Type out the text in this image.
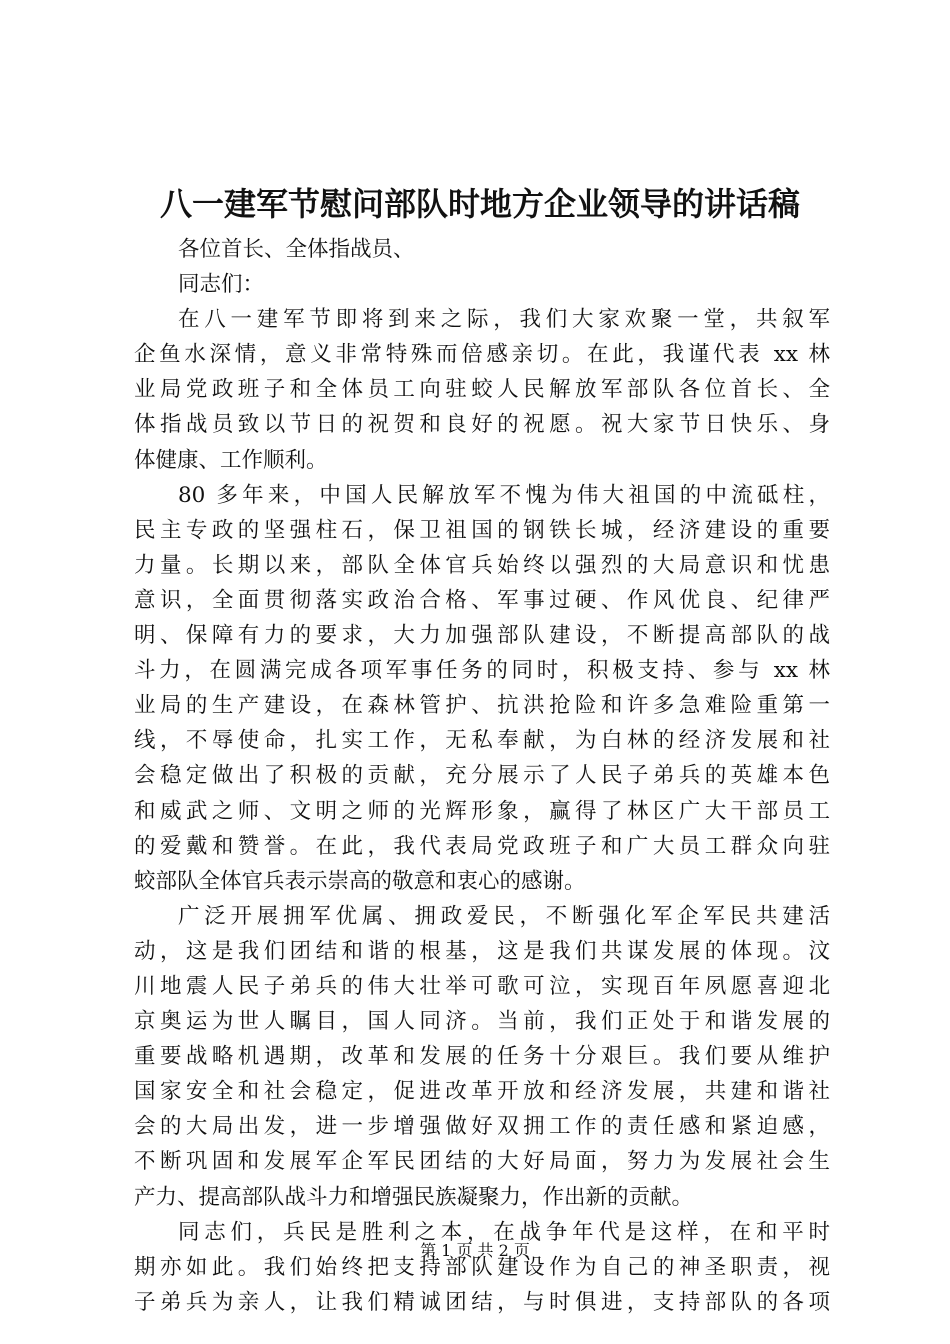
八一建军节慰问部队时地方企业领导的讲话稿
各位首长、全体指战员、
同志们：
在八一建军节即将到来之际，我们大家欢聚一堂，共叙军
企鱼水深情，意义非常特殊而倍感亲切。在此，我谨代表 xx 林
业局党政班子和全体员工向驻蛟人民解放军部队各位首长、全
体指战员致以节日的祝贺和良好的祝愿。祝大家节日快乐、身
体健康、工作顺利。
80 多年来，中国人民解放军不愧为伟大祖国的中流砥柱，
民主专政的坚强柱石，保卫祖国的钢铁长城，经济建设的重要
力量。长期以来，部队全体官兵始终以强烈的大局意识和忧患
意识，全面贯彻落实政治合格、军事过硬、作风优良、纪律严
明、保障有力的要求，大力加强部队建设，不断提高部队的战
斗力，在圆满完成各项军事任务的同时，积极支持、参与 xx 林
业局的生产建设，在森林管护、抗洪抢险和许多急难险重第一
线，不辱使命，扎实工作，无私奉献，为白林的经济发展和社
会稳定做出了积极的贡献，充分展示了人民子弟兵的英雄本色
和威武之师、文明之师的光辉形象，赢得了林区广大干部员工
的爱戴和赞誉。在此，我代表局党政班子和广大员工群众向驻
蛟部队全体官兵表示崇高的敬意和衷心的感谢。
广泛开展拥军优属、拥政爱民，不断强化军企军民共建活
动，这是我们团结和谐的根基，这是我们共谋发展的体现。汶
川地震人民子弟兵的伟大壮举可歌可泣，实现百年夙愿喜迎北
京奥运为世人瞩目，国人同济。当前，我们正处于和谐发展的
重要战略机遇期，改革和发展的任务十分艰巨。我们要从维护
国家安全和社会稳定，促进改革开放和经济发展，共建和谐社
会的大局出发，进一步增强做好双拥工作的责任感和紧迫感，
不断巩固和发展军企军民团结的大好局面，努力为发展社会生
产力、提高部队战斗力和增强民族凝聚力，作出新的贡献。
同志们，兵民是胜利之本，在战争年代是这样，在和平时
期亦如此。我们始终把支持部队建设作为自己的神圣职责，视
子弟兵为亲人，让我们精诚团结，与时俱进，支持部队的各项
第 1 页 共 2 页
